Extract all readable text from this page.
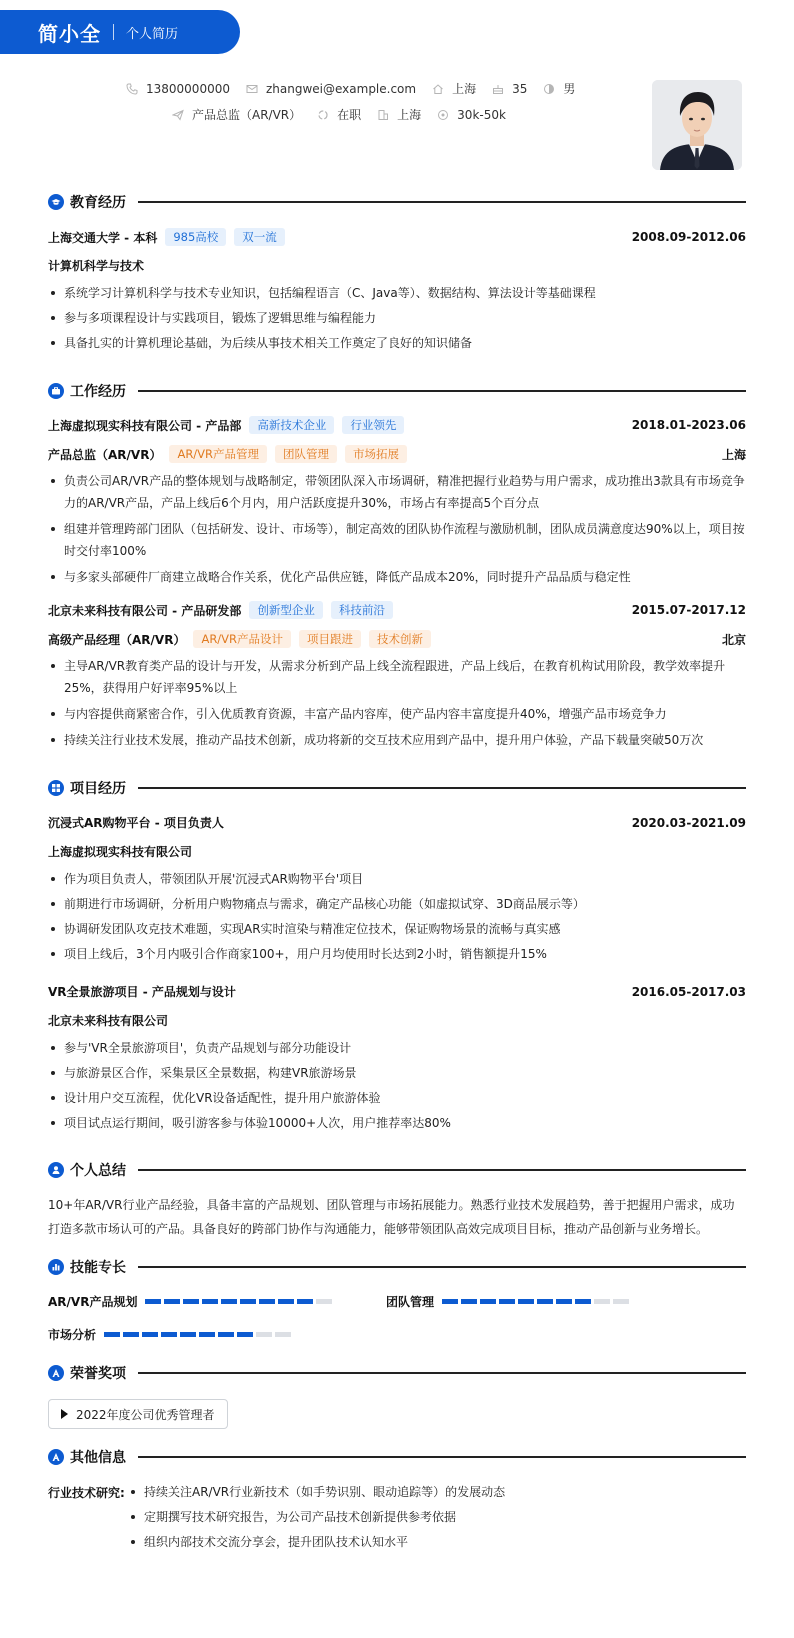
简小全 个人简历
13800000000	zhangwei@example.com	上海	35	男
产品总监（AR/VR）	在职	上海	30k-50k
教育经历
上海交通大学 - 本科	985高校	双一流	2008.09-2012.06
计算机科学与技术
系统学习计算机科学与技术专业知识，包括编程语言（C、Java等）、数据结构、算法设计等基础课程
参与多项课程设计与实践项目，锻炼了逻辑思维与编程能力
具备扎实的计算机理论基础，为后续从事技术相关工作奠定了良好的知识储备
工作经历
上海虚拟现实科技有限公司 - 产品部	高新技术企业	行业领先	2018.01-2023.06
产品总监（AR/VR）	AR/VR产品管理	团队管理	市场拓展	上海
负责公司AR/VR产品的整体规划与战略制定，带领团队深入市场调研，精准把握行业趋势与用户需求，成功推出3款具有市场竞争力的AR/VR产品，产品上线后6个月内，用户活跃度提升30%，市场占有率提高5个百分点
组建并管理跨部门团队（包括研发、设计、市场等），制定高效的团队协作流程与激励机制，团队成员满意度达90%以上，项目按时交付率100%
与多家头部硬件厂商建立战略合作关系，优化产品供应链，降低产品成本20%，同时提升产品品质与稳定性
北京未来科技有限公司 - 产品研发部	创新型企业	科技前沿	2015.07-2017.12
高级产品经理（AR/VR）	AR/VR产品设计	项目跟进	技术创新	北京
主导AR/VR教育类产品的设计与开发，从需求分析到产品上线全流程跟进，产品上线后，在教育机构试用阶段，教学效率提升25%，获得用户好评率95%以上
与内容提供商紧密合作，引入优质教育资源，丰富产品内容库，使产品内容丰富度提升40%，增强产品市场竞争力
持续关注行业技术发展，推动产品技术创新，成功将新的交互技术应用到产品中，提升用户体验，产品下载量突破50万次
项目经历
沉浸式AR购物平台 - 项目负责人	2020.03-2021.09
上海虚拟现实科技有限公司
作为项目负责人，带领团队开展'沉浸式AR购物平台'项目
前期进行市场调研，分析用户购物痛点与需求，确定产品核心功能（如虚拟试穿、3D商品展示等）
协调研发团队攻克技术难题，实现AR实时渲染与精准定位技术，保证购物场景的流畅与真实感
项目上线后，3个月内吸引合作商家100+，用户月均使用时长达到2小时，销售额提升15%
VR全景旅游项目 - 产品规划与设计	2016.05-2017.03
北京未来科技有限公司
参与'VR全景旅游项目'，负责产品规划与部分功能设计
与旅游景区合作，采集景区全景数据，构建VR旅游场景
设计用户交互流程，优化VR设备适配性，提升用户旅游体验
项目试点运行期间，吸引游客参与体验10000+人次，用户推荐率达80%
个人总结
10+年AR/VR行业产品经验，具备丰富的产品规划、团队管理与市场拓展能力。熟悉行业技术发展趋势，善于把握用户需求，成功打造多款市场认可的产品。具备良好的跨部门协作与沟通能力，能够带领团队高效完成项目目标，推动产品创新与业务增长。
技能专长
AR/VR产品规划	团队管理
市场分析
荣誉奖项
2022年度公司优秀管理者
其他信息
行业技术研究:	持续关注AR/VR行业新技术（如手势识别、眼动追踪等）的发展动态
定期撰写技术研究报告，为公司产品技术创新提供参考依据
组织内部技术交流分享会，提升团队技术认知水平
